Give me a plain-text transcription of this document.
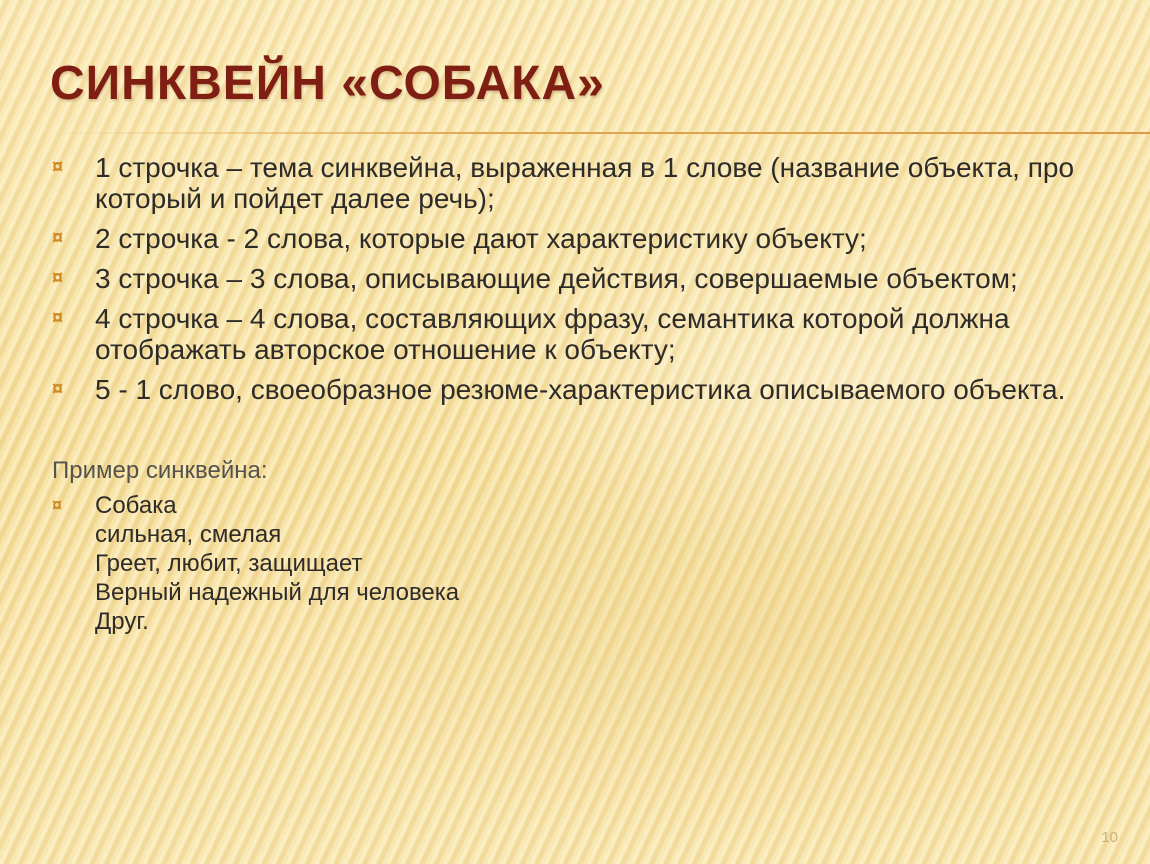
СИНКВЕЙН «СОБАКА»
¤ 1 строчка – тема синквейна, выраженная в 1 слове (название объекта, про который и пойдет далее речь);
¤ 2 строчка - 2 слова, которые дают характеристику объекту;
¤ 3 строчка – 3 слова, описывающие действия, совершаемые объектом;
¤ 4 строчка – 4 слова, составляющих фразу, семантика которой должна отображать авторское отношение к объекту;
¤ 5 - 1 слово, своеобразное резюме-характеристика описываемого объекта.
Пример синквейна:
¤	Собака
сильная, смелая
Греет, любит, защищает
Верный надежный для человека
Друг.
10
